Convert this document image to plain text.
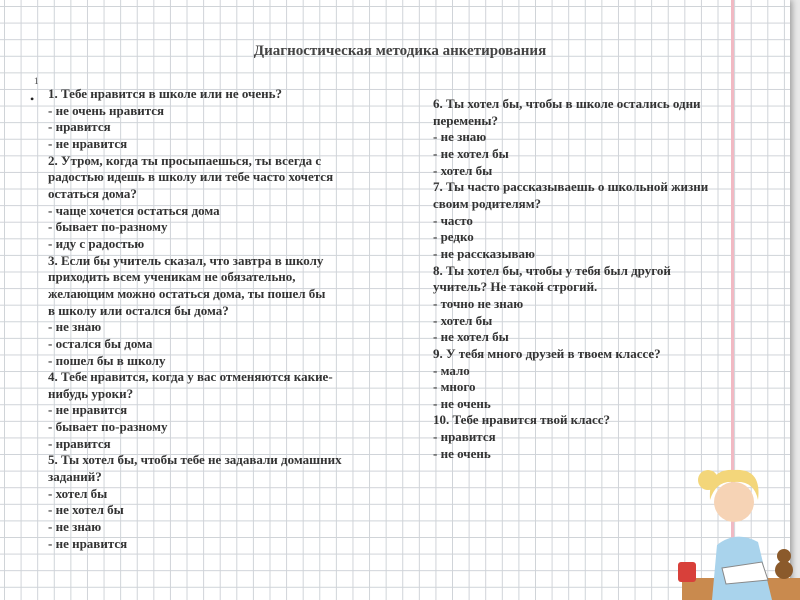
Диагностическая методика анкетирования
1
• 1. Тебе нравится в школе или не очень?
- не очень нравится
- нравится
- не нравится
2. Утром, когда ты просыпаешься, ты всегда с
радостью идешь в школу или тебе часто хочется
остаться дома?
- чаще хочется остаться дома
- бывает по-разному
- иду с радостью
3. Если бы учитель сказал, что завтра в школу
приходить всем ученикам не обязательно,
желающим можно остаться дома, ты пошел бы
в школу или остался бы дома?
- не знаю
- остался бы дома
- пошел бы в школу
4. Тебе нравится, когда у вас отменяются какие-
нибудь уроки?
- не нравится
- бывает по-разному
- нравится
5. Ты хотел бы, чтобы тебе не задавали домашних
заданий?
- хотел бы
- не хотел бы
- не знаю
- не нравится
6. Ты хотел бы, чтобы в школе остались одни
перемены?
- не знаю
- не хотел бы
- хотел бы
7. Ты часто рассказываешь о школьной жизни
своим родителям?
- часто
- редко
- не рассказываю
8. Ты хотел бы, чтобы у тебя был другой
учитель? Не такой строгий.
- точно не знаю
- хотел бы
- не хотел бы
9. У тебя много друзей в твоем классе?
- мало
- много
- не очень
10. Тебе нравится твой класс?
- нравится
- не очень
